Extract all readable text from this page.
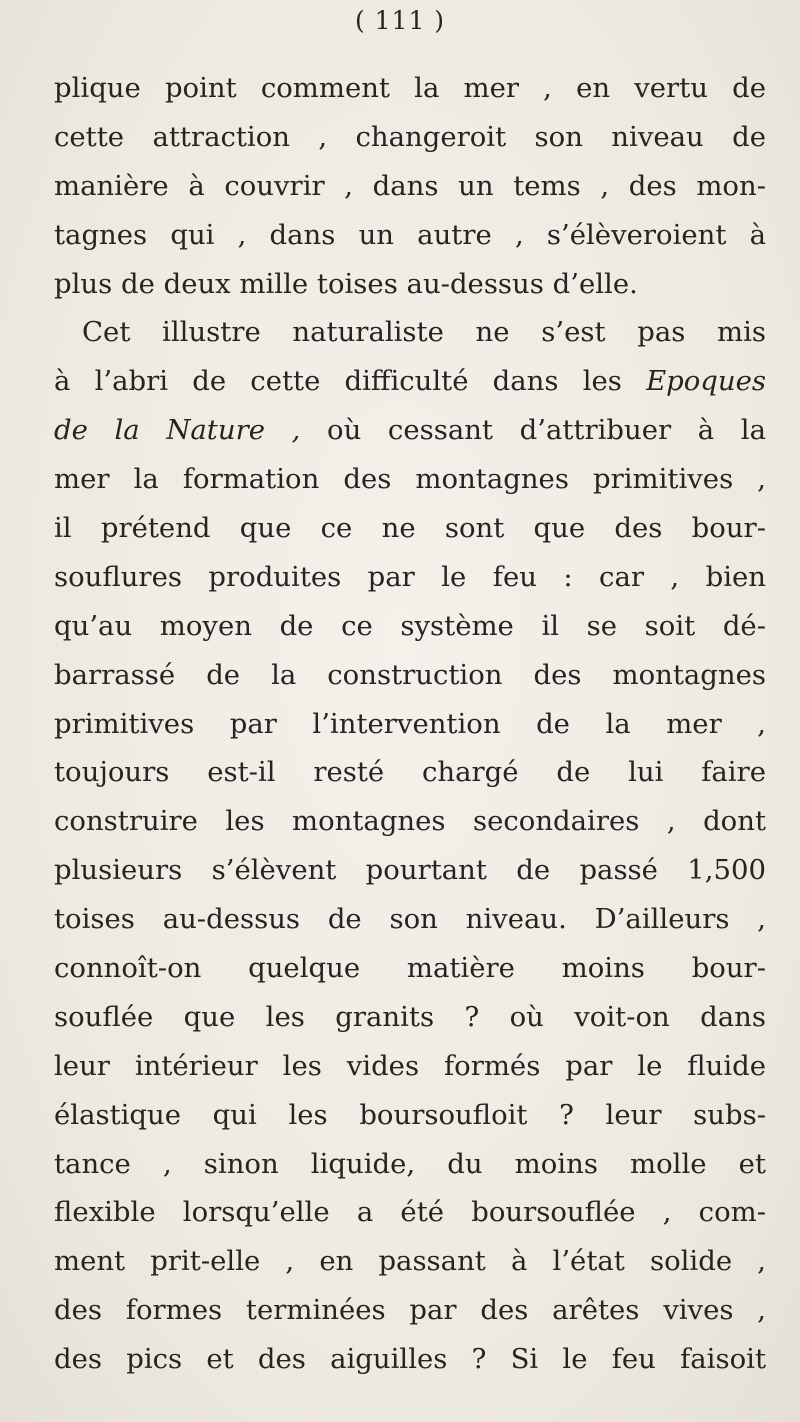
( 111 )
plique point comment la mer , en vertu de
cette attraction , changeroit son niveau de
manière à couvrir , dans un tems , des mon-
tagnes qui , dans un autre , s’élèveroient à
plus de deux mille toises au-dessus d’elle.
Cet illustre naturaliste ne s’est pas mis
à l’abri de cette difficulté dans les Epoques
de la Nature , où cessant d’attribuer à la
mer la formation des montagnes primitives ,
il prétend que ce ne sont que des bour-
souflures produites par le feu : car , bien
qu’au moyen de ce système il se soit dé-
barrassé de la construction des montagnes
primitives par l’intervention de la mer ,
toujours est-il resté chargé de lui faire
construire les montagnes secondaires , dont
plusieurs s’élèvent pourtant de passé 1,500
toises au-dessus de son niveau. D’ailleurs ,
connoît-on quelque matière moins bour-
souflée que les granits ? où voit-on dans
leur intérieur les vides formés par le fluide
élastique qui les boursoufloit ? leur subs-
tance , sinon liquide, du moins molle et
flexible lorsqu’elle a été boursouflée , com-
ment prit-elle , en passant à l’état solide ,
des formes terminées par des arêtes vives ,
des pics et des aiguilles ? Si le feu faisoit
